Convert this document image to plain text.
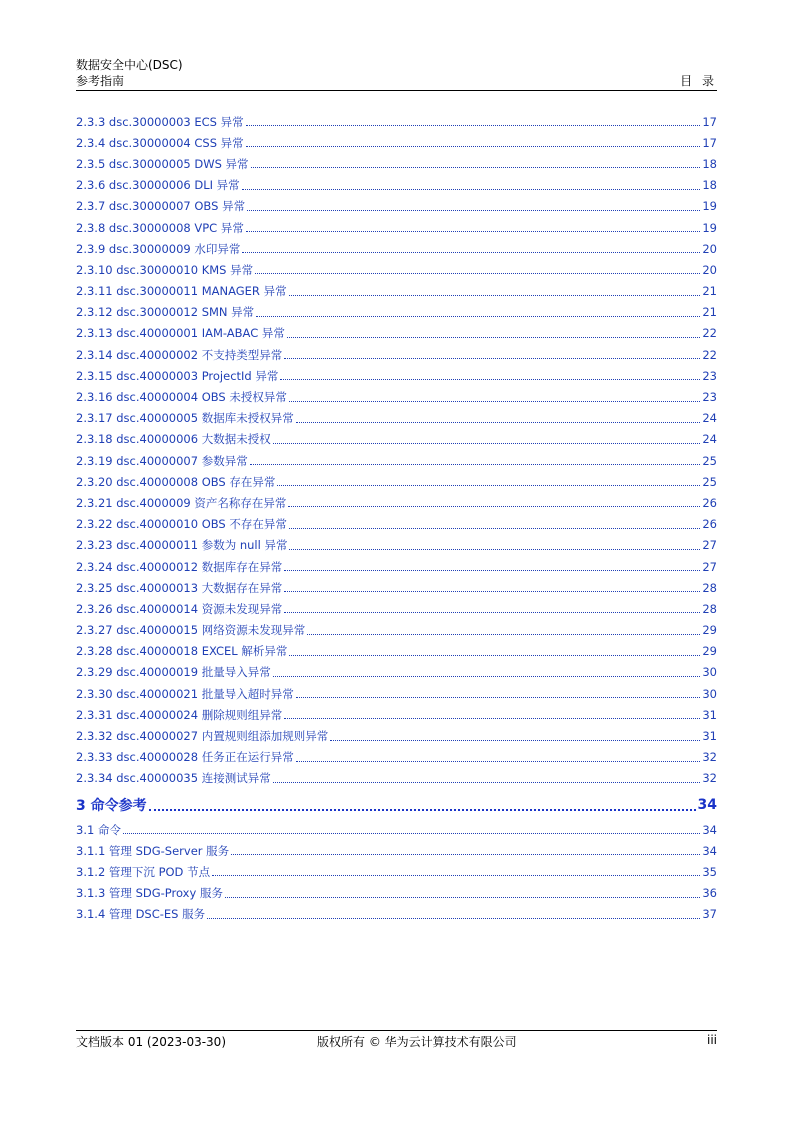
数据安全中心(DSC)
参考指南	目 录
2.3.3 dsc.30000003 ECS 异常	17
2.3.4 dsc.30000004 CSS 异常	17
2.3.5 dsc.30000005 DWS 异常	18
2.3.6 dsc.30000006 DLI 异常	18
2.3.7 dsc.30000007 OBS 异常	19
2.3.8 dsc.30000008 VPC 异常	19
2.3.9 dsc.30000009 水印异常	20
2.3.10 dsc.30000010 KMS 异常	20
2.3.11 dsc.30000011 MANAGER 异常	21
2.3.12 dsc.30000012 SMN 异常	21
2.3.13 dsc.40000001 IAM-ABAC 异常	22
2.3.14 dsc.40000002 不支持类型异常	22
2.3.15 dsc.40000003 ProjectId 异常	23
2.3.16 dsc.40000004 OBS 未授权异常	23
2.3.17 dsc.40000005 数据库未授权异常	24
2.3.18 dsc.40000006 大数据未授权	24
2.3.19 dsc.40000007 参数异常	25
2.3.20 dsc.40000008 OBS 存在异常	25
2.3.21 dsc.4000009 资产名称存在异常	26
2.3.22 dsc.40000010 OBS 不存在异常	26
2.3.23 dsc.40000011 参数为 null 异常	27
2.3.24 dsc.40000012 数据库存在异常	27
2.3.25 dsc.40000013 大数据存在异常	28
2.3.26 dsc.40000014 资源未发现异常	28
2.3.27 dsc.40000015 网络资源未发现异常	29
2.3.28 dsc.40000018 EXCEL 解析异常	29
2.3.29 dsc.40000019 批量导入异常	30
2.3.30 dsc.40000021 批量导入超时异常	30
2.3.31 dsc.40000024 删除规则组异常	31
2.3.32 dsc.40000027 内置规则组添加规则异常	31
2.3.33 dsc.40000028 任务正在运行异常	32
2.3.34 dsc.40000035 连接测试异常	32
3 命令参考	34
3.1 命令	34
3.1.1 管理 SDG-Server 服务	34
3.1.2 管理下沉 POD 节点	35
3.1.3 管理 SDG-Proxy 服务	36
3.1.4 管理 DSC-ES 服务	37
文档版本 01 (2023-03-30)	版权所有 © 华为云计算技术有限公司	iii
